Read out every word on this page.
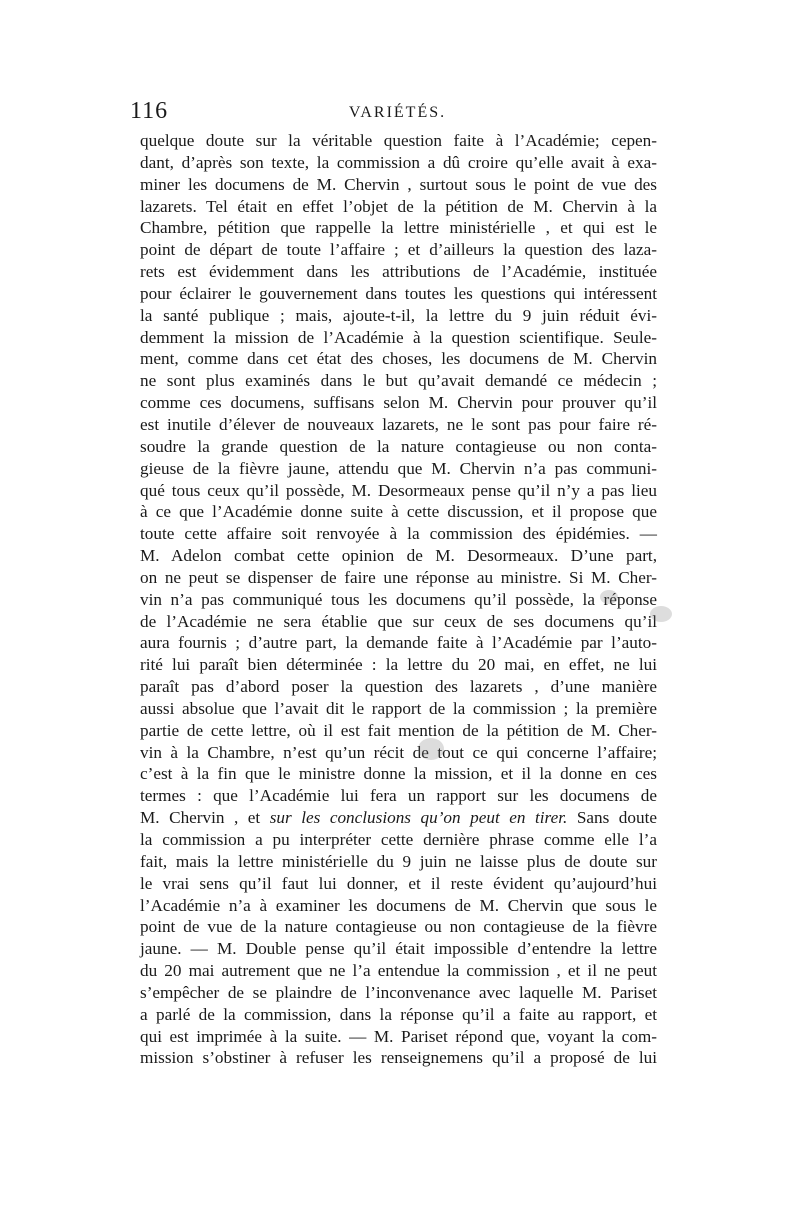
116	VARIÉTÉS.
quelque doute sur la véritable question faite à l’Académie; cepen-
dant, d’après son texte, la commission a dû croire qu’elle avait à exa-
miner les documens de M. Chervin , surtout sous le point de vue des
lazarets. Tel était en effet l’objet de la pétition de M. Chervin à la
Chambre, pétition que rappelle la lettre ministérielle , et qui est le
point de départ de toute l’affaire ; et d’ailleurs la question des laza-
rets est évidemment dans les attributions de l’Académie, instituée
pour éclairer le gouvernement dans toutes les questions qui intéressent
la santé publique ; mais, ajoute-t-il, la lettre du 9 juin réduit évi-
demment la mission de l’Académie à la question scientifique. Seule-
ment, comme dans cet état des choses, les documens de M. Chervin
ne sont plus examinés dans le but qu’avait demandé ce médecin ;
comme ces documens, suffisans selon M. Chervin pour prouver qu’il
est inutile d’élever de nouveaux lazarets, ne le sont pas pour faire ré-
soudre la grande question de la nature contagieuse ou non conta-
gieuse de la fièvre jaune, attendu que M. Chervin n’a pas communi-
qué tous ceux qu’il possède, M. Desormeaux pense qu’il n’y a pas lieu
à ce que l’Académie donne suite à cette discussion, et il propose que
toute cette affaire soit renvoyée à la commission des épidémies. —
M. Adelon combat cette opinion de M. Desormeaux. D’une part,
on ne peut se dispenser de faire une réponse au ministre. Si M. Cher-
vin n’a pas communiqué tous les documens qu’il possède, la réponse
de l’Académie ne sera établie que sur ceux de ses documens qu’il
aura fournis ; d’autre part, la demande faite à l’Académie par l’auto-
rité lui paraît bien déterminée : la lettre du 20 mai, en effet, ne lui
paraît pas d’abord poser la question des lazarets , d’une manière
aussi absolue que l’avait dit le rapport de la commission ; la première
partie de cette lettre, où il est fait mention de la pétition de M. Cher-
vin à la Chambre, n’est qu’un récit de tout ce qui concerne l’affaire;
c’est à la fin que le ministre donne la mission, et il la donne en ces
termes : que l’Académie lui fera un rapport sur les documens de
M. Chervin , et sur les conclusions qu’on peut en tirer. Sans doute
la commission a pu interpréter cette dernière phrase comme elle l’a
fait, mais la lettre ministérielle du 9 juin ne laisse plus de doute sur
le vrai sens qu’il faut lui donner, et il reste évident qu’aujourd’hui
l’Académie n’a à examiner les documens de M. Chervin que sous le
point de vue de la nature contagieuse ou non contagieuse de la fièvre
jaune. — M. Double pense qu’il était impossible d’entendre la lettre
du 20 mai autrement que ne l’a entendue la commission , et il ne peut
s’empêcher de se plaindre de l’inconvenance avec laquelle M. Pariset
a parlé de la commission, dans la réponse qu’il a faite au rapport, et
qui est imprimée à la suite. — M. Pariset répond que, voyant la com-
mission s’obstiner à refuser les renseignemens qu’il a proposé de lui
